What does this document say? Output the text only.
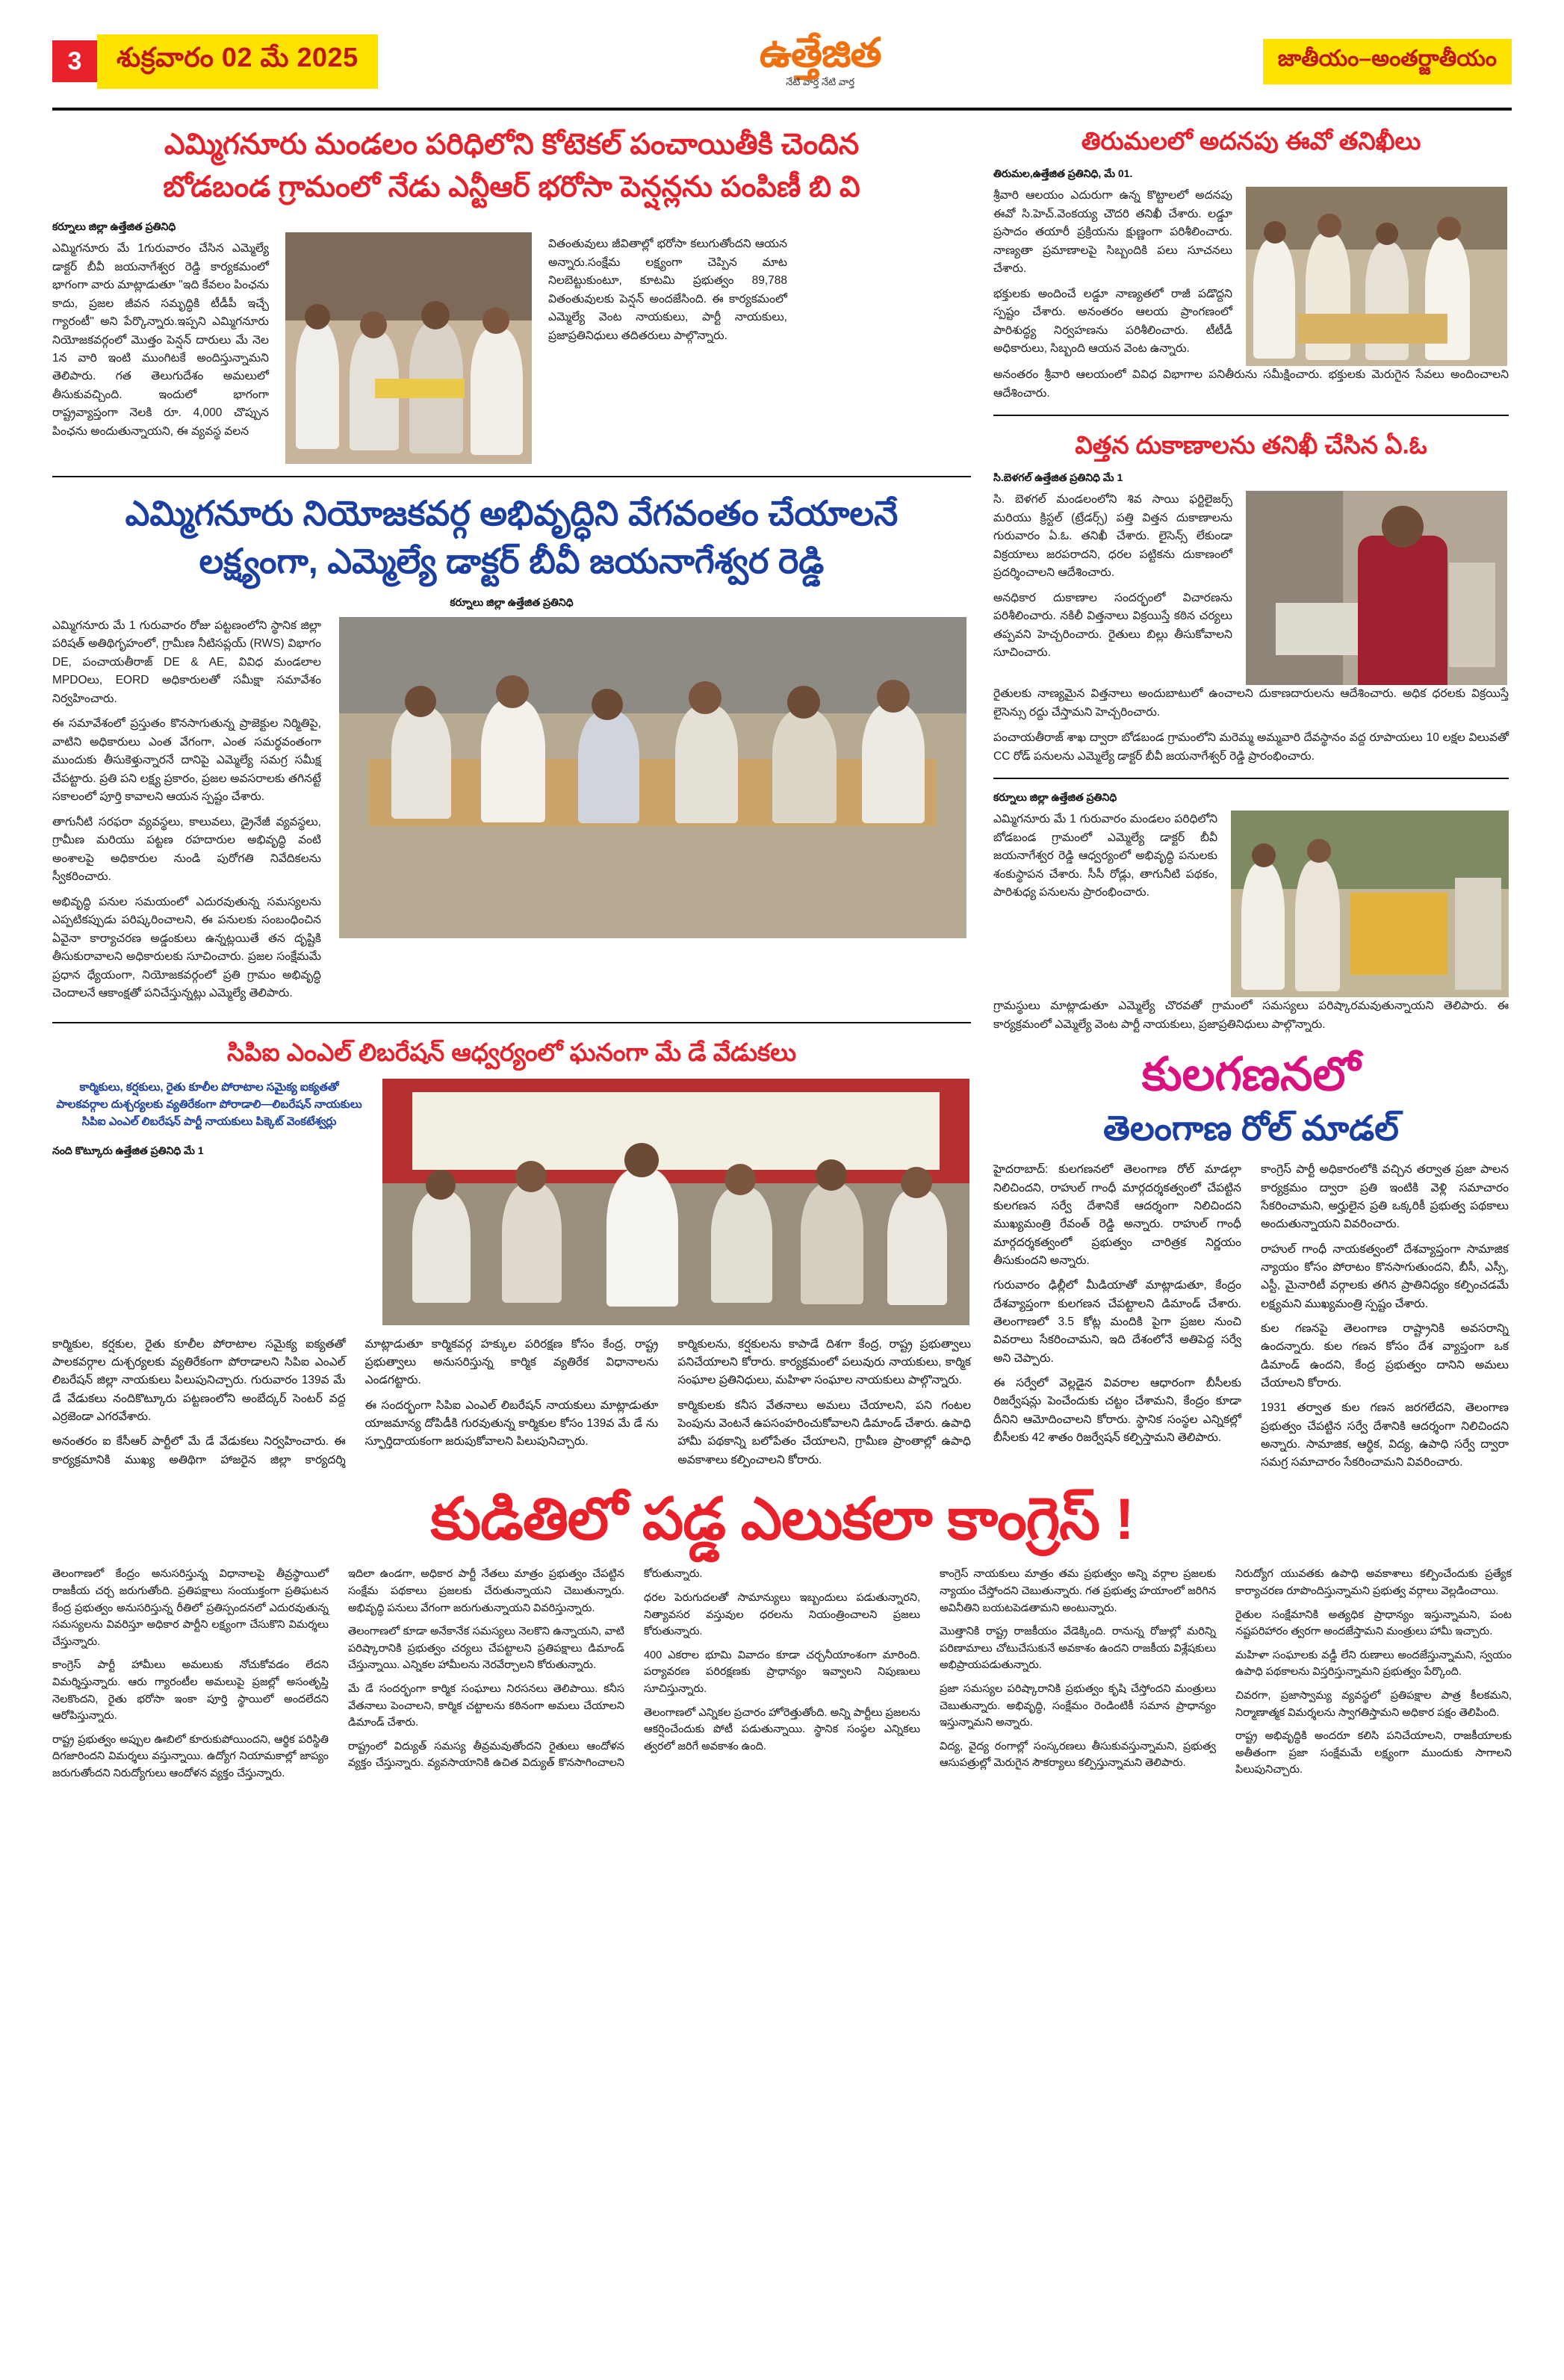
3	శుక్రవారం 02 మే 2025	ఉత్తేజిత
నేటి వార్త నేటి వార్త
జాతీయం–అంతర్జాతీయం
ఎమ్మిగనూరు మండలం పరిధిలోని కోటెకల్ పంచాయితీకి చెందిన
బోడబండ గ్రామంలో నేడు ఎన్టీఆర్ భరోసా పెన్షన్లను పంపిణీ బి వి
కర్నూలు జిల్లా ఉత్తేజిత ప్రతినిధి

ఎమ్మిగనూరు మే 1గురువారం చేసిన ఎమ్మెల్యే డాక్టర్ బీవీ జయనాగేశ్వర రెడ్డి కార్యకమంలో భాగంగా వారు మాట్లాడుతూ "ఇది కేవలం పింఛను కాదు, ప్రజల జీవన సమృద్ధికి టీడీపీ ఇచ్చే గ్యారంటీ" అని పేర్కొన్నారు.ఇప్పని ఎమ్మిగనూరు నియోజకవర్గంలో మొత్తం పెన్షన్ దారులు మే నెల 1న వారి ఇంటి ముంగిటకే అందిస్తున్నామని తెలిపారు. గత తెలుగుదేశం అమలులో తీసుకువచ్చింది. ఇందులో భాగంగా రాష్ట్రవ్యాప్తంగా నెలకి రూ. 4,000 చొప్పున పింఛను అందుతున్నాయని, ఈ వ్యవస్థ వలన

వితంతువులు జీవితాల్లో భరోసా కలుగుతోందని ఆయన అన్నారు.సంక్షేమ లక్ష్యంగా చెప్పిన మాట నిలబెట్టుకుంటూ, కూటమి ప్రభుత్వం 89,788 వితంతువులకు పెన్షన్ అందజేసింది. ఈ కార్యకమంలో ఎమ్మెల్యే వెంట నాయకులు, పార్టీ నాయకులు, ప్రజాప్రతినిధులు తదితరులు పాల్గొన్నారు.

ఎమ్మిగనూరు నియోజకవర్గ అభివృద్ధిని వేగవంతం చేయాలనే
లక్ష్యంగా, ఎమ్మెల్యే డాక్టర్ బీవీ జయనాగేశ్వర రెడ్డి
కర్నూలు జిల్లా ఉత్తేజిత ప్రతినిధి

ఎమ్మిగనూరు మే 1 గురువారం రోజు పట్టణంలోని స్థానిక జిల్లా పరిషత్ అతిథిగృహంలో, గ్రామీణ నీటిసప్లయ్ (RWS) విభాగం DE, పంచాయతీరాజ్ DE & AE, వివిధ మండలాల MPDOలు, EORD అధికారులతో సమీక్షా సమావేశం నిర్వహించారు.

ఈ సమావేశంలో ప్రస్తుతం కొనసాగుతున్న ప్రాజెక్టుల నిర్మితిపై, వాటిని అధికారులు ఎంత వేగంగా, ఎంత సమర్థవంతంగా ముందుకు తీసుకెళ్తున్నారనే దానిపై ఎమ్మెల్యే సమగ్ర సమీక్ష చేపట్టారు. ప్రతి పని లక్ష్య ప్రకారం, ప్రజల అవసరాలకు తగినట్టే సకాలంలో పూర్తి కావాలని ఆయన స్పష్టం చేశారు.

తాగునీటి సరఫరా వ్యవస్థలు, కాలువలు, డ్రైనేజీ వ్యవస్థలు, గ్రామీణ మరియు పట్టణ రహదారుల అభివృద్ధి వంటి అంశాలపై అధికారుల నుండి పురోగతి నివేదికలను స్వీకరించారు.

అభివృద్ధి పనుల సమయంలో ఎదురవుతున్న సమస్యలను ఎప్పటికప్పుడు పరిష్కరించాలని, ఈ పనులకు సంబంధించిన ఏవైనా కార్యాచరణ అడ్డంకులు ఉన్నట్లయితే తన దృష్టికి తీసుకురావాలని అధికారులకు సూచించారు. ప్రజల సంక్షేమమే ప్రధాన ధ్యేయంగా, నియోజకవర్గంలో ప్రతి గ్రామం అభివృద్ధి చెందాలనే ఆకాంక్షతో పనిచేస్తున్నట్లు ఎమ్మెల్యే తెలిపారు.

సిపిఐ ఎంఎల్ లిబరేషన్ ఆధ్వర్యంలో ఘనంగా మే డే వేడుకలు
కార్మికులు, కర్షకులు, రైతు కూలీల పోరాటాల సమైక్య ఐక్యతతో
పాలకవర్గాల దుశ్చర్యలకు వ్యతిరేకంగా పోరాడాలి—లిబరేషన్ నాయకులు
సిపిఐ ఎంఎల్ లిబరేషన్ పార్టీ నాయకులు పిక్కెట్ వెంకటేశ్వర్లు
నంది కొట్కూరు ఉత్తేజిత ప్రతినిధి మే 1

కార్మికుల, కర్షకుల, రైతు కూలీల పోరాటాల సమైక్య ఐక్యతతో పాలకవర్గాల దుశ్చర్యలకు వ్యతిరేకంగా పోరాడాలని సిపిఐ ఎంఎల్ లిబరేషన్ జిల్లా నాయకులు పిలుపునిచ్చారు. గురువారం 139వ మే డే వేడుకలు నందికొట్కూరు పట్టణంలోని అంబేద్కర్ సెంటర్ వద్ద ఎర్రజెండా ఎగరవేశారు.

అనంతరం ఐ కేసీఆర్ పార్టీలో మే డే వేడుకలు నిర్వహించారు. ఈ కార్యక్రమానికి ముఖ్య అతిథిగా హాజరైన జిల్లా కార్యదర్శి మాట్లాడుతూ కార్మికవర్గ హక్కుల పరిరక్షణ కోసం కేంద్ర, రాష్ట్ర ప్రభుత్వాలు అనుసరిస్తున్న కార్మిక వ్యతిరేక విధానాలను ఎండగట్టారు.

ఈ సందర్భంగా సిపిఐ ఎంఎల్ లిబరేషన్ నాయకులు మాట్లాడుతూ యాజమాన్య దోపిడీకి గురవుతున్న కార్మికుల కోసం 139వ మే డే ను స్ఫూర్తిదాయకంగా జరుపుకోవాలని పిలుపునిచ్చారు.

కార్మికులను, కర్షకులను కాపాడే దిశగా కేంద్ర, రాష్ట్ర ప్రభుత్వాలు పనిచేయాలని కోరారు. కార్యక్రమంలో పలువురు నాయకులు, కార్మిక సంఘాల ప్రతినిధులు, మహిళా సంఘాల నాయకులు పాల్గొన్నారు.

కార్మికులకు కనీస వేతనాలు అమలు చేయాలని, పని గంటల పెంపును వెంటనే ఉపసంహరించుకోవాలని డిమాండ్ చేశారు. ఉపాధి హామీ పథకాన్ని బలోపేతం చేయాలని, గ్రామీణ ప్రాంతాల్లో ఉపాధి అవకాశాలు కల్పించాలని కోరారు.

తిరుమలలో అదనపు ఈవో తనిఖీలు
తిరుమల,ఉత్తేజిత ప్రతినిధి, మే 01.

శ్రీవారి ఆలయం ఎదురుగా ఉన్న కొట్టాలలో అదనపు ఈవో సి.హెచ్.వెంకయ్య చౌదరి తనిఖీ చేశారు. లడ్డూ ప్రసాదం తయారీ ప్రక్రియను క్షుణ్ణంగా పరిశీలించారు. నాణ్యతా ప్రమాణాలపై సిబ్బందికి పలు సూచనలు చేశారు.

భక్తులకు అందించే లడ్డూ నాణ్యతలో రాజీ పడొద్దని స్పష్టం చేశారు. అనంతరం ఆలయ ప్రాంగణంలో పారిశుద్ధ్య నిర్వహణను పరిశీలించారు. టీటీడీ అధికారులు, సిబ్బంది ఆయన వెంట ఉన్నారు.

అనంతరం శ్రీవారి ఆలయంలో వివిధ విభాగాల పనితీరును సమీక్షించారు. భక్తులకు మెరుగైన సేవలు అందించాలని ఆదేశించారు.

విత్తన దుకాణాలను తనిఖీ చేసిన ఏ.ఓ
సి.బెళగల్ ఉత్తేజిత ప్రతినిధి మే 1

సి. బెళగల్ మండలంలోని శివ సాయి ఫర్టిలైజర్స్ మరియు క్రిస్టల్ (ట్రేడర్స్) పత్తి విత్తన దుకాణాలను గురువారం ఏ.ఓ. తనిఖీ చేశారు. లైసెన్స్ లేకుండా విక్రయాలు జరపరాదని, ధరల పట్టికను దుకాణంలో ప్రదర్శించాలని ఆదేశించారు.

అనధికార దుకాణాల సందర్భంలో విచారణను పరిశీలించారు. నకిలీ విత్తనాలు విక్రయిస్తే కఠిన చర్యలు తప్పవని హెచ్చరించారు. రైతులు బిల్లు తీసుకోవాలని సూచించారు.

రైతులకు నాణ్యమైన విత్తనాలు అందుబాటులో ఉంచాలని దుకాణదారులను ఆదేశించారు. అధిక ధరలకు విక్రయిస్తే లైసెన్సు రద్దు చేస్తామని హెచ్చరించారు.

పంచాయతీరాజ్ శాఖ ద్వారా బోడబండ గ్రామంలోని మరెమ్మ అమ్మవారి దేవస్థానం వద్ద రూపాయలు 10 లక్షల విలువతో CC రోడ్ పనులను ఎమ్మెల్యే డాక్టర్ బీవీ జయనాగేశ్వర్ రెడ్డి ప్రారంభించారు.

కర్నూలు జిల్లా ఉత్తేజిత ప్రతినిధి

ఎమ్మిగనూరు మే 1 గురువారం మండలం పరిధిలోని బోడబండ గ్రామంలో ఎమ్మెల్యే డాక్టర్ బీవీ జయనాగేశ్వర రెడ్డి ఆధ్వర్యంలో అభివృద్ధి పనులకు శంకుస్థాపన చేశారు. సీసీ రోడ్లు, తాగునీటి పథకం, పారిశుధ్య పనులను ప్రారంభించారు.

గ్రామస్థులు మాట్లాడుతూ ఎమ్మెల్యే చొరవతో గ్రామంలో సమస్యలు పరిష్కారమవుతున్నాయని తెలిపారు. ఈ కార్యక్రమంలో ఎమ్మెల్యే వెంట పార్టీ నాయకులు, ప్రజాప్రతినిధులు పాల్గొన్నారు.

కులగణనలో
తెలంగాణ రోల్ మాడల్

హైదరాబాద్: కులగణనలో తెలంగాణ రోల్ మాడల్గా నిలిచిందని, రాహుల్ గాంధీ మార్గదర్శకత్వంలో చేపట్టిన కులగణన సర్వే దేశానికే ఆదర్శంగా నిలిచిందని ముఖ్యమంత్రి రేవంత్ రెడ్డి అన్నారు. రాహుల్ గాంధీ మార్గదర్శకత్వంలో ప్రభుత్వం చారిత్రక నిర్ణయం తీసుకుందని అన్నారు.

గురువారం ఢిల్లీలో మీడియాతో మాట్లాడుతూ, కేంద్రం దేశవ్యాప్తంగా కులగణన చేపట్టాలని డిమాండ్ చేశారు. తెలంగాణలో 3.5 కోట్ల మందికి పైగా ప్రజల నుంచి వివరాలు సేకరించామని, ఇది దేశంలోనే అతిపెద్ద సర్వే అని చెప్పారు.

ఈ సర్వేలో వెల్లడైన వివరాల ఆధారంగా బీసీలకు రిజర్వేషన్లు పెంచేందుకు చట్టం చేశామని, కేంద్రం కూడా దీనిని ఆమోదించాలని కోరారు. స్థానిక సంస్థల ఎన్నికల్లో బీసీలకు 42 శాతం రిజర్వేషన్ కల్పిస్తామని తెలిపారు.

కాంగ్రెస్ పార్టీ అధికారంలోకి వచ్చిన తర్వాత ప్రజా పాలన కార్యక్రమం ద్వారా ప్రతి ఇంటికి వెళ్లి సమాచారం సేకరించామని, అర్హులైన ప్రతి ఒక్కరికీ ప్రభుత్వ పథకాలు అందుతున్నాయని వివరించారు.

రాహుల్ గాంధీ నాయకత్వంలో దేశవ్యాప్తంగా సామాజిక న్యాయం కోసం పోరాటం కొనసాగుతుందని, బీసీ, ఎస్సీ, ఎస్టీ, మైనారిటీ వర్గాలకు తగిన ప్రాతినిధ్యం కల్పించడమే లక్ష్యమని ముఖ్యమంత్రి స్పష్టం చేశారు.

కుల గణనపై తెలంగాణ రాష్ట్రానికి అవసరాన్ని ఉందన్నారు. కుల గణన కోసం దేశ వ్యాప్తంగా ఒక డిమాండ్ ఉందని, కేంద్ర ప్రభుత్వం దానిని అమలు చేయాలని కోరారు.

1931 తర్వాత కుల గణన జరగలేదని, తెలంగాణ ప్రభుత్వం చేపట్టిన సర్వే దేశానికి ఆదర్శంగా నిలిచిందని అన్నారు. సామాజిక, ఆర్థిక, విద్య, ఉపాధి సర్వే ద్వారా సమగ్ర సమాచారం సేకరించామని వివరించారు.

కుడితిలో పడ్డ ఎలుకలా కాంగ్రెస్ !

తెలంగాణలో కేంద్రం అనుసరిస్తున్న విధానాలపై తీవ్రస్థాయిలో రాజకీయ చర్చ జరుగుతోంది. ప్రతిపక్షాలు సంయుక్తంగా ప్రతిఘటన కేంద్ర ప్రభుత్వం అనుసరిస్తున్న రీతిలో ప్రతిస్పందనలో ఎదురవుతున్న సమస్యలను వివరిస్తూ అధికార పార్టీని లక్ష్యంగా చేసుకొని విమర్శలు చేస్తున్నారు.

కాంగ్రెస్ పార్టీ హామీలు అమలుకు నోచుకోవడం లేదని విమర్శిస్తున్నారు. ఆరు గ్యారంటీల అమలుపై ప్రజల్లో అసంతృప్తి నెలకొందని, రైతు భరోసా ఇంకా పూర్తి స్థాయిలో అందలేదని ఆరోపిస్తున్నారు.

రాష్ట్ర ప్రభుత్వం అప్పుల ఊబిలో కూరుకుపోయిందని, ఆర్థిక పరిస్థితి దిగజారిందని విమర్శలు వస్తున్నాయి. ఉద్యోగ నియామకాల్లో జాప్యం జరుగుతోందని నిరుద్యోగులు ఆందోళన వ్యక్తం చేస్తున్నారు.

ఇదిలా ఉండగా, అధికార పార్టీ నేతలు మాత్రం ప్రభుత్వం చేపట్టిన సంక్షేమ పథకాలు ప్రజలకు చేరుతున్నాయని చెబుతున్నారు. అభివృద్ధి పనులు వేగంగా జరుగుతున్నాయని వివరిస్తున్నారు.

తెలంగాణలో కూడా అనేకానేక సమస్యలు నెలకొని ఉన్నాయని, వాటి పరిష్కారానికి ప్రభుత్వం చర్యలు చేపట్టాలని ప్రతిపక్షాలు డిమాండ్ చేస్తున్నాయి. ఎన్నికల హామీలను నెరవేర్చాలని కోరుతున్నారు.

మే డే సందర్భంగా కార్మిక సంఘాలు నిరసనలు తెలిపాయి. కనీస వేతనాలు పెంచాలని, కార్మిక చట్టాలను కఠినంగా అమలు చేయాలని డిమాండ్ చేశారు.

రాష్ట్రంలో విద్యుత్ సమస్య తీవ్రమవుతోందని రైతులు ఆందోళన వ్యక్తం చేస్తున్నారు. వ్యవసాయానికి ఉచిత విద్యుత్ కొనసాగించాలని కోరుతున్నారు.

ధరల పెరుగుదలతో సామాన్యులు ఇబ్బందులు పడుతున్నారని, నిత్యావసర వస్తువుల ధరలను నియంత్రించాలని ప్రజలు కోరుతున్నారు.

400 ఎకరాల భూమి వివాదం కూడా చర్చనీయాంశంగా మారింది. పర్యావరణ పరిరక్షణకు ప్రాధాన్యం ఇవ్వాలని నిపుణులు సూచిస్తున్నారు.

తెలంగాణలో ఎన్నికల ప్రచారం హోరెత్తుతోంది. అన్ని పార్టీలు ప్రజలను ఆకర్షించేందుకు పోటీ పడుతున్నాయి. స్థానిక సంస్థల ఎన్నికలు త్వరలో జరిగే అవకాశం ఉంది.

కాంగ్రెస్ నాయకులు మాత్రం తమ ప్రభుత్వం అన్ని వర్గాల ప్రజలకు న్యాయం చేస్తోందని చెబుతున్నారు. గత ప్రభుత్వ హయాంలో జరిగిన అవినీతిని బయటపెడతామని అంటున్నారు.

మొత్తానికి రాష్ట్ర రాజకీయం వేడెక్కింది. రానున్న రోజుల్లో మరిన్ని పరిణామాలు చోటుచేసుకునే అవకాశం ఉందని రాజకీయ విశ్లేషకులు అభిప్రాయపడుతున్నారు.

ప్రజా సమస్యల పరిష్కారానికి ప్రభుత్వం కృషి చేస్తోందని మంత్రులు చెబుతున్నారు. అభివృద్ధి, సంక్షేమం రెండింటికీ సమాన ప్రాధాన్యం ఇస్తున్నామని అన్నారు.

విద్య, వైద్య రంగాల్లో సంస్కరణలు తీసుకువస్తున్నామని, ప్రభుత్వ ఆసుపత్రుల్లో మెరుగైన సౌకర్యాలు కల్పిస్తున్నామని తెలిపారు.

నిరుద్యోగ యువతకు ఉపాధి అవకాశాలు కల్పించేందుకు ప్రత్యేక కార్యాచరణ రూపొందిస్తున్నామని ప్రభుత్వ వర్గాలు వెల్లడించాయి.

రైతుల సంక్షేమానికి అత్యధిక ప్రాధాన్యం ఇస్తున్నామని, పంట నష్టపరిహారం త్వరగా అందజేస్తామని మంత్రులు హామీ ఇచ్చారు.

మహిళా సంఘాలకు వడ్డీ లేని రుణాలు అందజేస్తున్నామని, స్వయం ఉపాధి పథకాలను విస్తరిస్తున్నామని ప్రభుత్వం పేర్కొంది.

చివరగా, ప్రజాస్వామ్య వ్యవస్థలో ప్రతిపక్షాల పాత్ర కీలకమని, నిర్మాణాత్మక విమర్శలను స్వాగతిస్తామని అధికార పక్షం తెలిపింది.

రాష్ట్ర అభివృద్ధికి అందరూ కలిసి పనిచేయాలని, రాజకీయాలకు అతీతంగా ప్రజా సంక్షేమమే లక్ష్యంగా ముందుకు సాగాలని పిలుపునిచ్చారు.
